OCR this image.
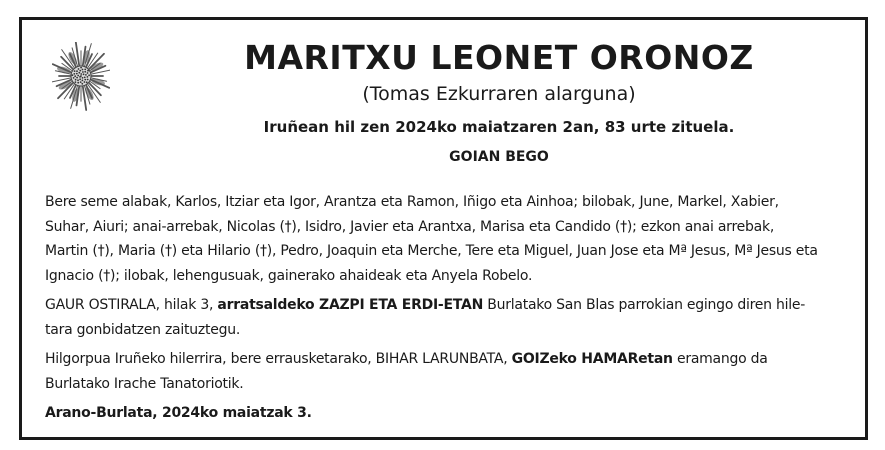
MARITXU LEONET ORONOZ
(Tomas Ezkurraren alarguna)
Iruñean hil zen 2024ko maiatzaren 2an, 83 urte zituela.
GOIAN BEGO

Bere seme alabak, Karlos, Itziar eta Igor, Arantza eta Ramon, Iñigo eta Ainhoa; bilobak, June, Markel, Xabier,
Suhar, Aiuri; anai-arrebak, Nicolas (†), Isidro, Javier eta Arantxa, Marisa eta Candido (†); ezkon anai arrebak,
Martin (†), Maria (†) eta Hilario (†), Pedro, Joaquin eta Merche, Tere eta Miguel, Juan Jose eta Mª Jesus, Mª Jesus eta
Ignacio (†); ilobak, lehengusuak, gainerako ahaideak eta Anyela Robelo.

GAUR OSTIRALA, hilak 3, arratsaldeko ZAZPI ETA ERDI-ETAN Burlatako San Blas parrokian egingo diren hile-
tara gonbidatzen zaituztegu.

Hilgorpua Iruñeko hilerrira, bere errausketarako, BIHAR LARUNBATA, GOIZeko HAMARetan eramango da
Burlatako Irache Tanatoriotik.

Arano-Burlata, 2024ko maiatzak 3.
